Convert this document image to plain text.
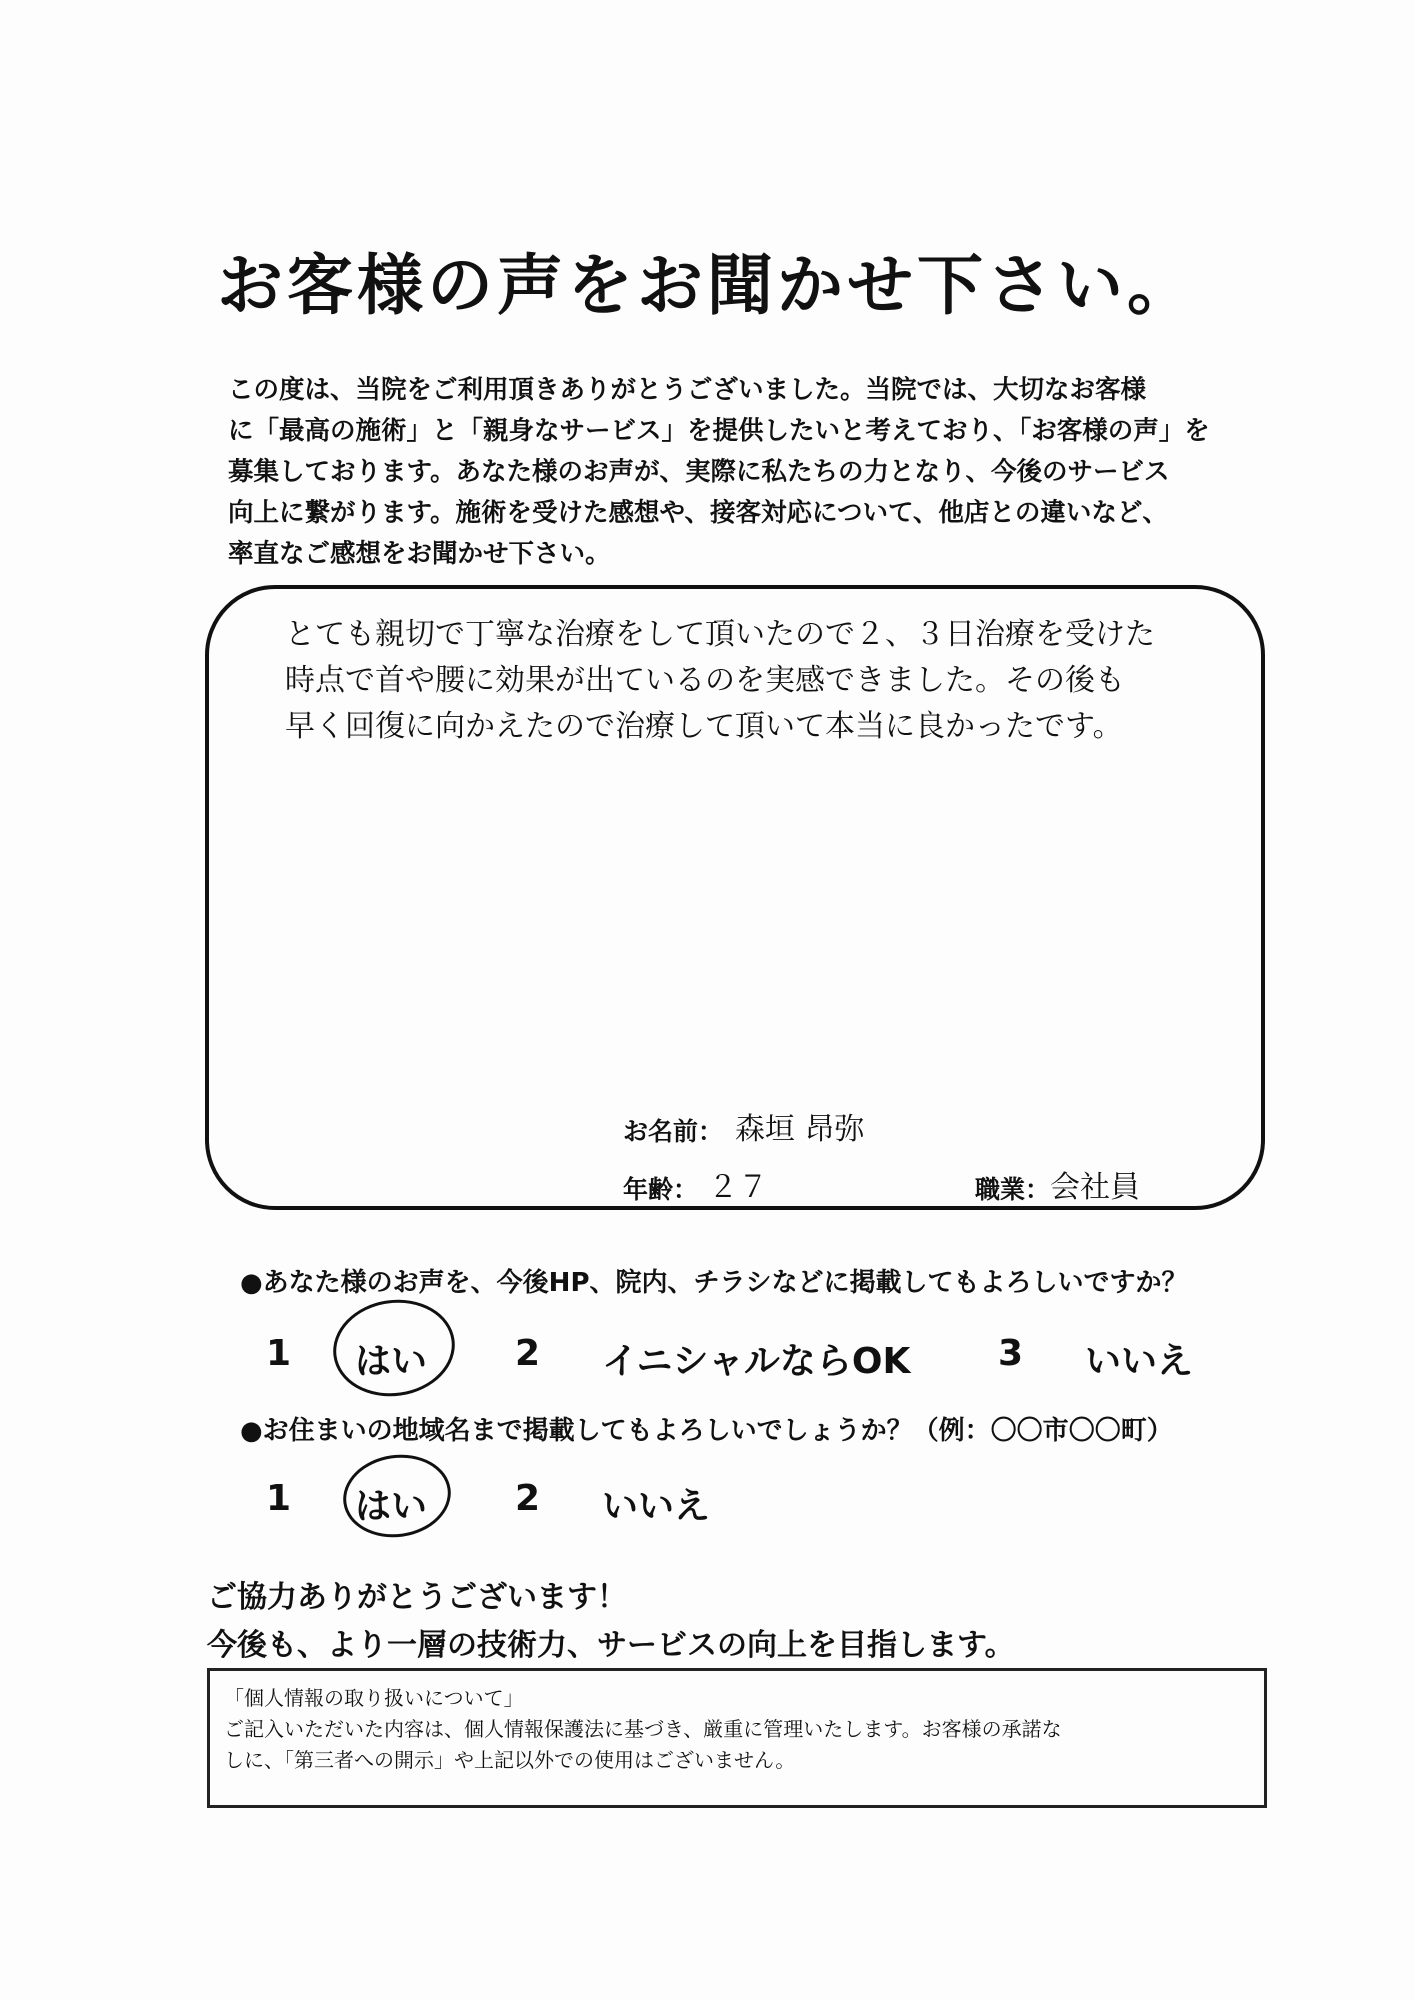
お客様の声をお聞かせ下さい。
この度は、当院をご利用頂きありがとうございました。当院では、大切なお客様
に「最高の施術」と「親身なサービス」を提供したいと考えており、「お客様の声」を
募集しております。あなた様のお声が、実際に私たちの力となり、今後のサービス
向上に繋がります。施術を受けた感想や、接客対応について、他店との違いなど、
率直なご感想をお聞かせ下さい。
とても親切で丁寧な治療をして頂いたので２、３日治療を受けた
時点で首や腰に効果が出ているのを実感できました。その後も
早く回復に向かえたので治療して頂いて本当に良かったです。
お名前： 森垣 昂弥
年齢： ２７	職業： 会社員
●あなた様のお声を、今後HP、院内、チラシなどに掲載してもよろしいですか？
1 はい 2 イニシャルならOK 3 いいえ
●お住まいの地域名まで掲載してもよろしいでしょうか？（例：〇〇市〇〇町）
1 はい 2 いいえ
ご協力ありがとうございます！
今後も、より一層の技術力、サービスの向上を目指します。
「個人情報の取り扱いについて」
ご記入いただいた内容は、個人情報保護法に基づき、厳重に管理いたします。お客様の承諾な
しに、「第三者への開示」や上記以外での使用はございません。
